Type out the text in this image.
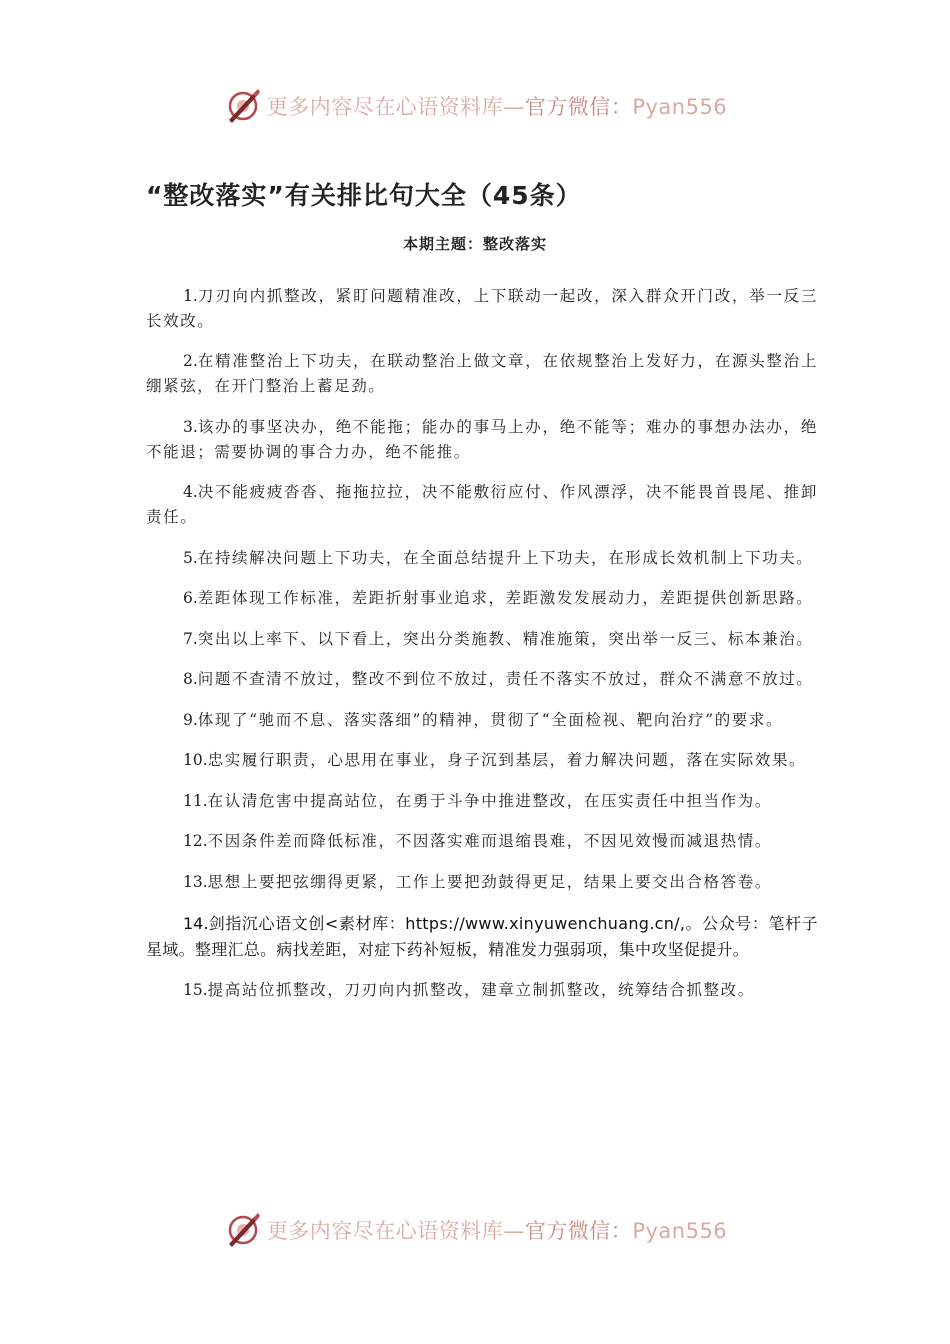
更多内容尽在心语资料库—官方微信：Pyan556
“整改落实”有关排比句大全（45条）
本期主题：整改落实

1.刀刃向内抓整改，紧盯问题精准改，上下联动一起改，深入群众开门改，举一反三长效改。

2.在精准整治上下功夫，在联动整治上做文章，在依规整治上发好力，在源头整治上绷紧弦，在开门整治上蓄足劲。

3.该办的事坚决办，绝不能拖；能办的事马上办，绝不能等；难办的事想办法办，绝不能退；需要协调的事合力办，绝不能推。

4.决不能疲疲沓沓、拖拖拉拉，决不能敷衍应付、作风漂浮，决不能畏首畏尾、推卸责任。

5.在持续解决问题上下功夫，在全面总结提升上下功夫，在形成长效机制上下功夫。

6.差距体现工作标准，差距折射事业追求，差距激发发展动力，差距提供创新思路。

7.突出以上率下、以下看上，突出分类施教、精准施策，突出举一反三、标本兼治。

8.问题不查清不放过，整改不到位不放过，责任不落实不放过，群众不满意不放过。

9.体现了“驰而不息、落实落细”的精神，贯彻了“全面检视、靶向治疗”的要求。

10.忠实履行职责，心思用在事业，身子沉到基层，着力解决问题，落在实际效果。

11.在认清危害中提高站位，在勇于斗争中推进整改，在压实责任中担当作为。

12.不因条件差而降低标准，不因落实难而退缩畏难，不因见效慢而减退热情。

13.思想上要把弦绷得更紧，工作上要把劲鼓得更足，结果上要交出合格答卷。

14.剑指沉心语文创<素材库：https://www.xinyuwenchuang.cn/,。公众号：笔杆子星域。整理汇总。病找差距，对症下药补短板，精准发力强弱项，集中攻坚促提升。

15.提高站位抓整改，刀刃向内抓整改，建章立制抓整改，统筹结合抓整改。

更多内容尽在心语资料库—官方微信：Pyan556
